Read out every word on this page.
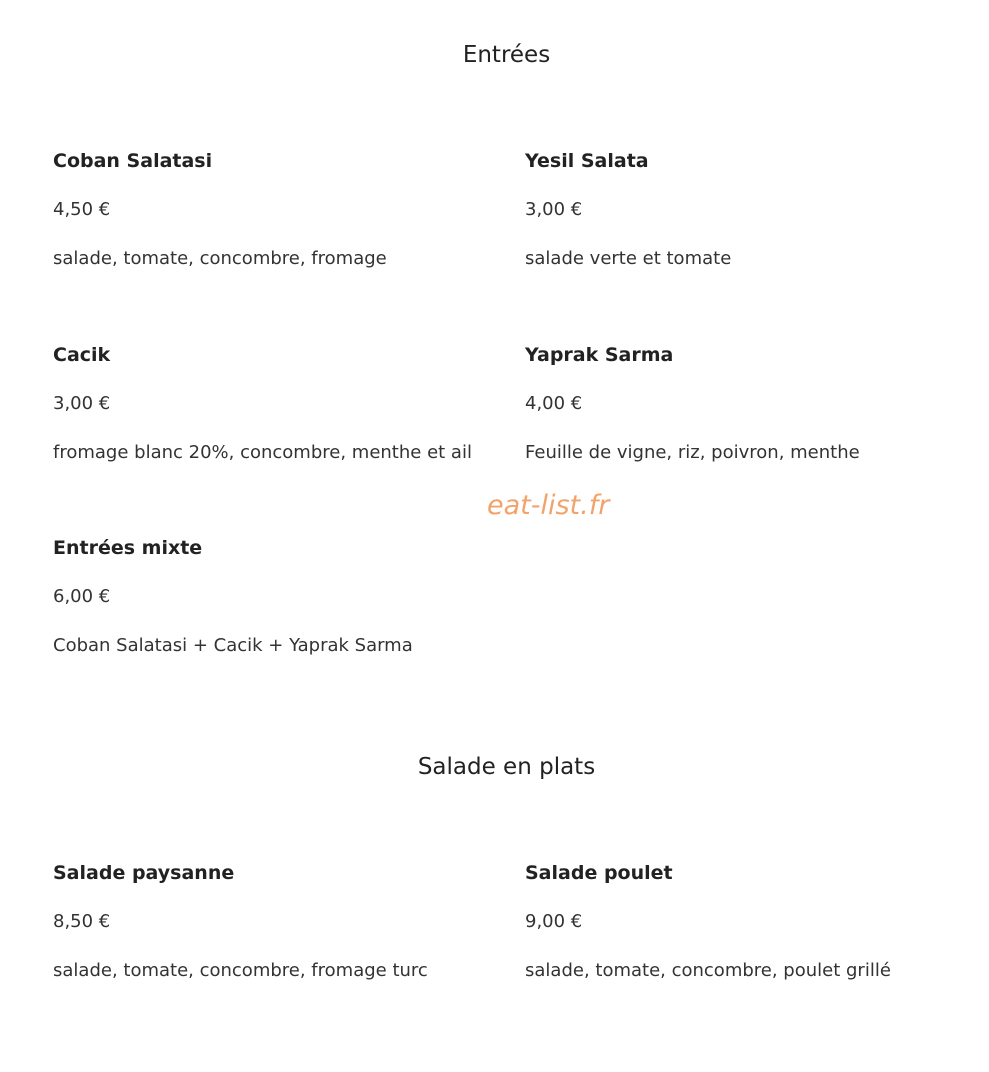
Entrées
Coban Salatasi
4,50 €
salade, tomate, concombre, fromage
Yesil Salata
3,00 €
salade verte et tomate
Cacik
3,00 €
fromage blanc 20%, concombre, menthe et ail
Yaprak Sarma
4,00 €
Feuille de vigne, riz, poivron, menthe
eat-list.fr
Entrées mixte
6,00 €
Coban Salatasi + Cacik + Yaprak Sarma
Salade en plats
Salade paysanne
8,50 €
salade, tomate, concombre, fromage turc
Salade poulet
9,00 €
salade, tomate, concombre, poulet grillé
